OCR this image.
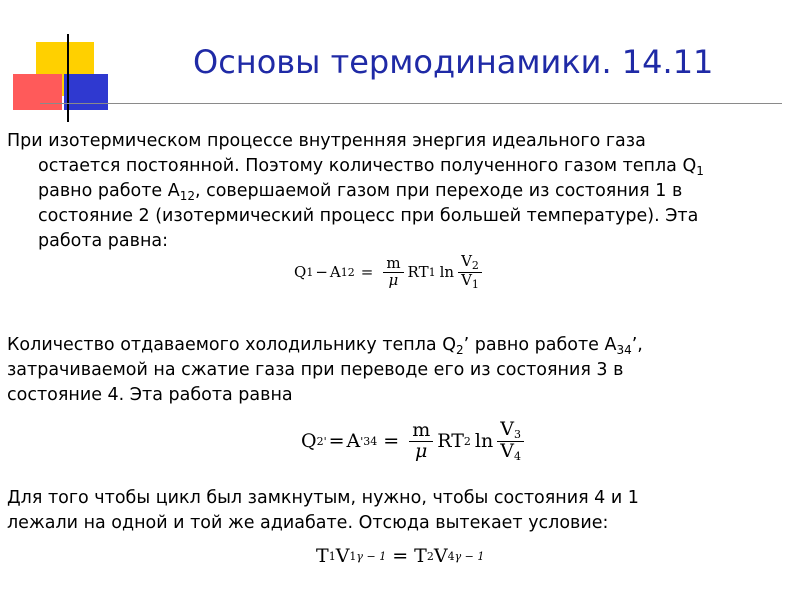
Основы термодинамики. 14.11
При изотермическом процессе внутренняя энергия идеального газа
остается постоянной. Поэтому количество полученного газом тепла $Q_1$
равно работе $A_{12}$, совершаемой газом при переходе из состояния 1 в
состояние 2 (изотермический процесс при большей температуре). Эта
работа равна:
Q 1 − A $12 = \frac{m}{\mu}$ RT 1 $\ln \frac{V_2}{V_1}$
Количество отдаваемого холодильнику тепла $Q_2$’ равно работе $A_{34}$’,
затрачиваемой на сжатие газа при переводе его из состояния 3 в
состояние 4. Эта работа равна
Q 2 ' = A ' $34 = \frac{m}{\mu}$ RT 2 $\ln \frac{V3}{V4}$
Для того чтобы цикл был замкнутым, нужно, чтобы состояния 4 и 1
лежали на одной и той же адиабате. Отсюда вытекает условие:
T 1 V 1 γ − 1 = T 2 V 4 γ − 1
